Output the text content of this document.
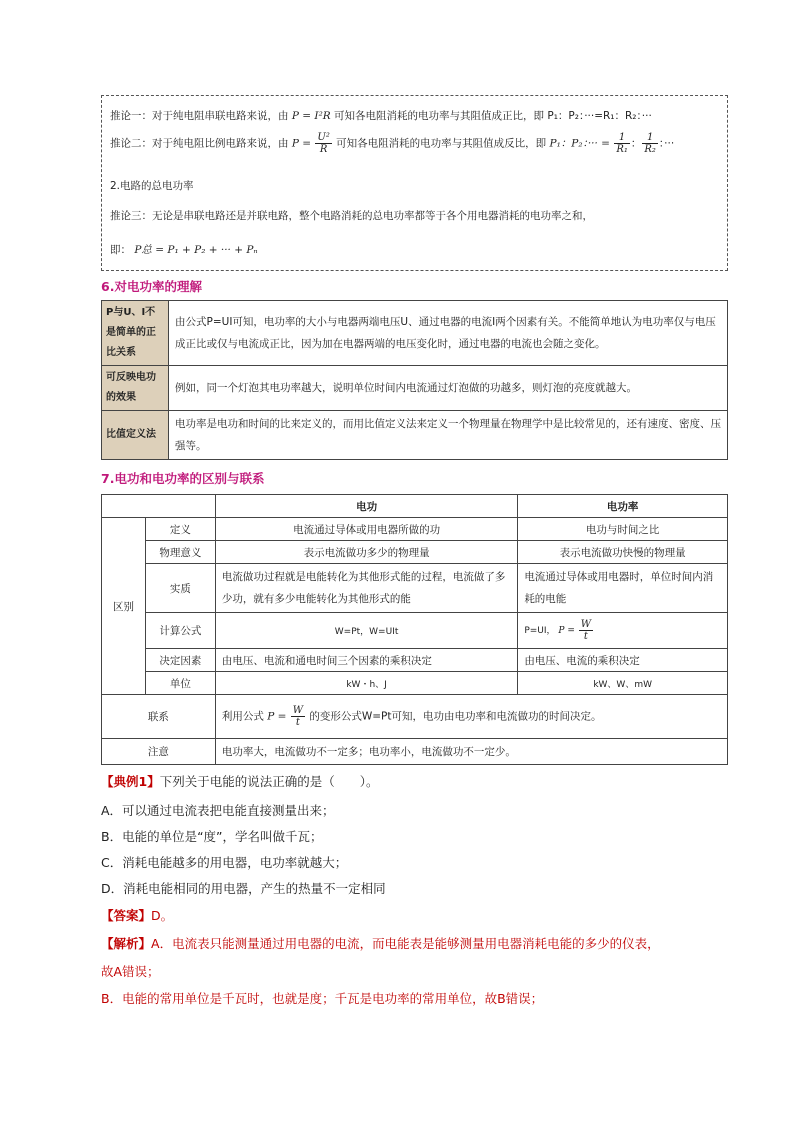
推论一：对于纯电阻串联电路来说，由 P = I²R 可知各电阻消耗的电功率与其阻值成正比，即 P₁：P₂：···=R₁：R₂：···
推论二：对于纯电阻比例电路来说，由 $P = \frac{\text{U²}}{R}$ 可知各电阻消耗的电功率与其阻值成反比，即 P₁：P₂：··· = $\frac{1}{\text{R₁}}$ ： $\frac{1}{\text{R₂}}$ ：···
2.电路的总电功率
推论三：无论是串联电路还是并联电路，整个电路消耗的总电功率都等于各个用电器消耗的电功率之和，
即： P总 = P₁ + P₂ + ··· + Pₙ
6.对电功率的理解
P与U、I不是简单的正比关系	由公式P=UI可知，电功率的大小与电器两端电压U、通过电器的电流I两个因素有关。不能简单地认为电功率仅与电压成正比或仅与电流成正比，因为加在电器两端的电压变化时，通过电器的电流也会随之变化。
可反映电功的效果	例如，同一个灯泡其电功率越大，说明单位时间内电流通过灯泡做的功越多，则灯泡的亮度就越大。
比值定义法	电功率是电功和时间的比来定义的，而用比值定义法来定义一个物理量在物理学中是比较常见的，还有速度、密度、压强等。
7.电功和电功率的区别与联系
		电功	电功率
区别	定义	电流通过导体或用电器所做的功	电功与时间之比
	物理意义	表示电流做功多少的物理量	表示电流做功快慢的物理量
	实质	电流做功过程就是电能转化为其他形式能的过程，电流做了多少功，就有多少电能转化为其他形式的能	电流通过导体或用电器时，单位时间内消耗的电能
	计算公式	W=Pt，W=UIt	P=UI， $P = \frac{W}{t}$

	决定因素	由电压、电流和通电时间三个因素的乘积决定	由电压、电流的乘积决定
	单位	kW・h、J	kW、W、mW
联系		利用公式 $P = \frac{W}{t}$ 的变形公式W=Pt可知，电功由电功率和电流做功的时间决定。	
注意		电功率大，电流做功不一定多；电功率小，电流做功不一定少。	
【典例1】下列关于电能的说法正确的是（　　）。
A．可以通过电流表把电能直接测量出来；
B．电能的单位是“度”，学名叫做千瓦；
C．消耗电能越多的用电器，电功率就越大；
D．消耗电能相同的用电器，产生的热量不一定相同
【答案】D。
【解析】A．电流表只能测量通过用电器的电流，而电能表是能够测量用电器消耗电能的多少的仪表，
故A错误；
B．电能的常用单位是千瓦时，也就是度；千瓦是电功率的常用单位，故B错误；
